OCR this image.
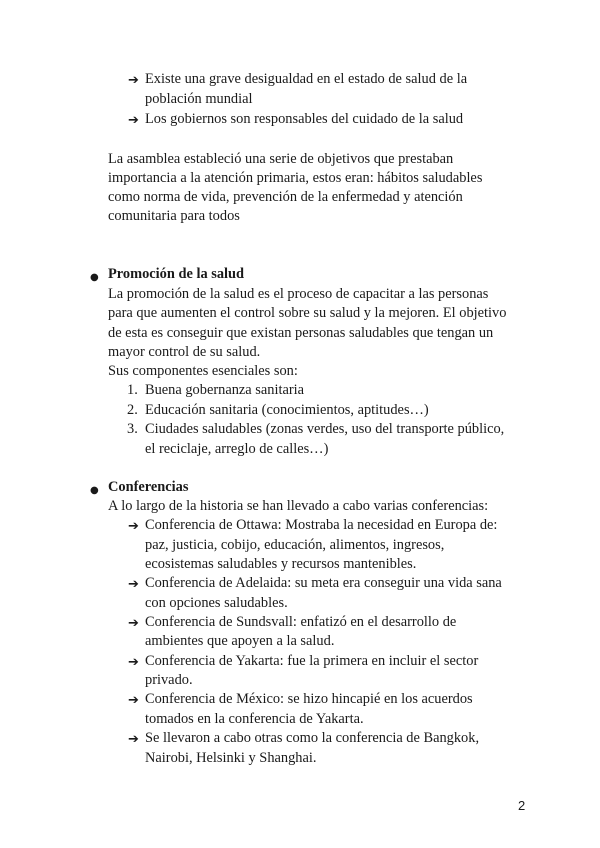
➔ Existe una grave desigualdad en el estado de salud de la
población mundial
➔ Los gobiernos son responsables del cuidado de la salud
La asamblea estableció una serie de objetivos que prestaban
importancia a la atención primaria, estos eran: hábitos saludables
como norma de vida, prevención de la enfermedad y atención
comunitaria para todos
● Promoción de la salud
La promoción de la salud es el proceso de capacitar a las personas
para que aumenten el control sobre su salud y la mejoren. El objetivo
de esta es conseguir que existan personas saludables que tengan un
mayor control de su salud.
Sus componentes esenciales son:
1. Buena gobernanza sanitaria
2. Educación sanitaria (conocimientos, aptitudes…)
3. Ciudades saludables (zonas verdes, uso del transporte público,
el reciclaje, arreglo de calles…)
● Conferencias
A lo largo de la historia se han llevado a cabo varias conferencias:
➔ Conferencia de Ottawa: Mostraba la necesidad en Europa de:
paz, justicia, cobijo, educación, alimentos, ingresos,
ecosistemas saludables y recursos mantenibles.
➔ Conferencia de Adelaida: su meta era conseguir una vida sana
con opciones saludables.
➔ Conferencia de Sundsvall: enfatizó en el desarrollo de
ambientes que apoyen a la salud.
➔ Conferencia de Yakarta: fue la primera en incluir el sector
privado.
➔ Conferencia de México: se hizo hincapié en los acuerdos
tomados en la conferencia de Yakarta.
➔ Se llevaron a cabo otras como la conferencia de Bangkok,
Nairobi, Helsinki y Shanghai.
2
